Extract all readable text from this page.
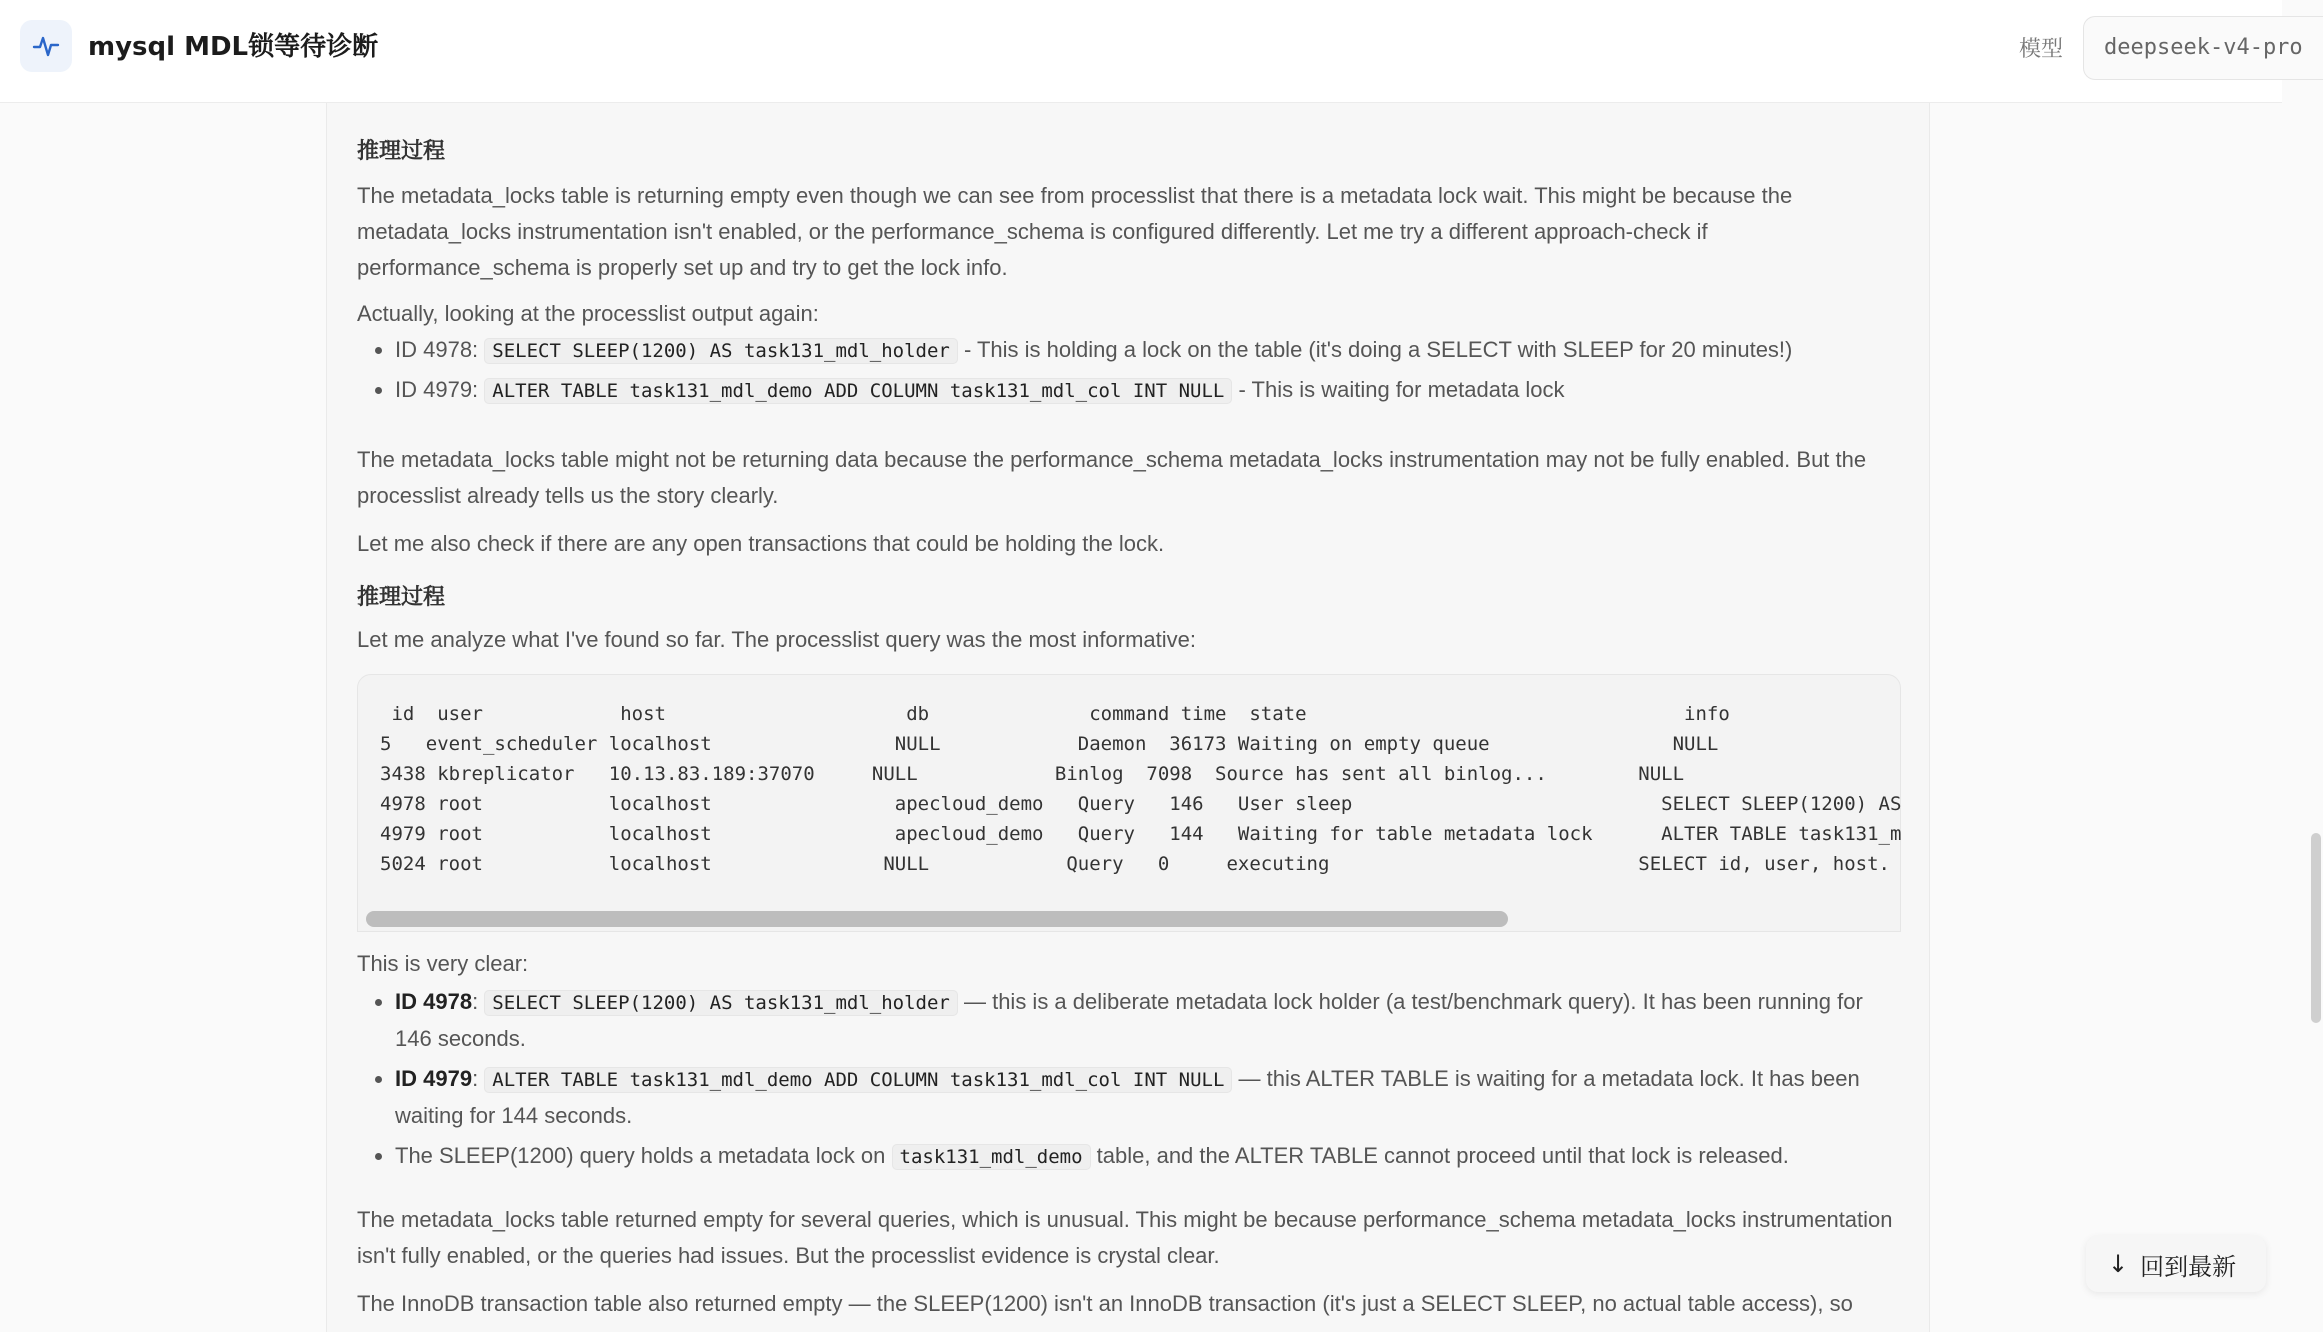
mysql MDL锁等待诊断	模型	deepseek-v4-pro
推理过程
The metadata_locks table is returning empty even though we can see from processlist that there is a metadata lock wait. This might be because the metadata_locks instrumentation isn't enabled, or the performance_schema is configured differently. Let me try a different approach-check if performance_schema is properly set up and try to get the lock info.
Actually, looking at the processlist output again:
ID 4978: SELECT SLEEP(1200) AS task131_mdl_holder - This is holding a lock on the table (it's doing a SELECT with SLEEP for 20 minutes!)
ID 4979: ALTER TABLE task131_mdl_demo ADD COLUMN task131_mdl_col INT NULL - This is waiting for metadata lock
The metadata_locks table might not be returning data because the performance_schema metadata_locks instrumentation may not be fully enabled. But the processlist already tells us the story clearly.
Let me also check if there are any open transactions that could be holding the lock.
推理过程
Let me analyze what I've found so far. The processlist query was the most informative:
id  user            host                     db              command time  state                                 info
5   event_scheduler localhost                NULL            Daemon  36173 Waiting on empty queue                NULL
3438 kbreplicator   10.13.83.189:37070     NULL            Binlog  7098  Source has sent all binlog...        NULL
4978 root           localhost                apecloud_demo   Query   146   User sleep                           SELECT SLEEP(1200) AS
4979 root           localhost                apecloud_demo   Query   144   Waiting for table metadata lock      ALTER TABLE task131_m
5024 root           localhost               NULL            Query   0     executing                           SELECT id, user, host.
This is very clear:
ID 4978: SELECT SLEEP(1200) AS task131_mdl_holder — this is a deliberate metadata lock holder (a test/benchmark query). It has been running for 146 seconds.
ID 4979: ALTER TABLE task131_mdl_demo ADD COLUMN task131_mdl_col INT NULL — this ALTER TABLE is waiting for a metadata lock. It has been waiting for 144 seconds.
The SLEEP(1200) query holds a metadata lock on task131_mdl_demo table, and the ALTER TABLE cannot proceed until that lock is released.
The metadata_locks table returned empty for several queries, which is unusual. This might be because performance_schema metadata_locks instrumentation isn't fully enabled, or the queries had issues. But the processlist evidence is crystal clear.
The InnoDB transaction table also returned empty — the SLEEP(1200) isn't an InnoDB transaction (it's just a SELECT SLEEP, no actual table access), so
↓ 回到最新
